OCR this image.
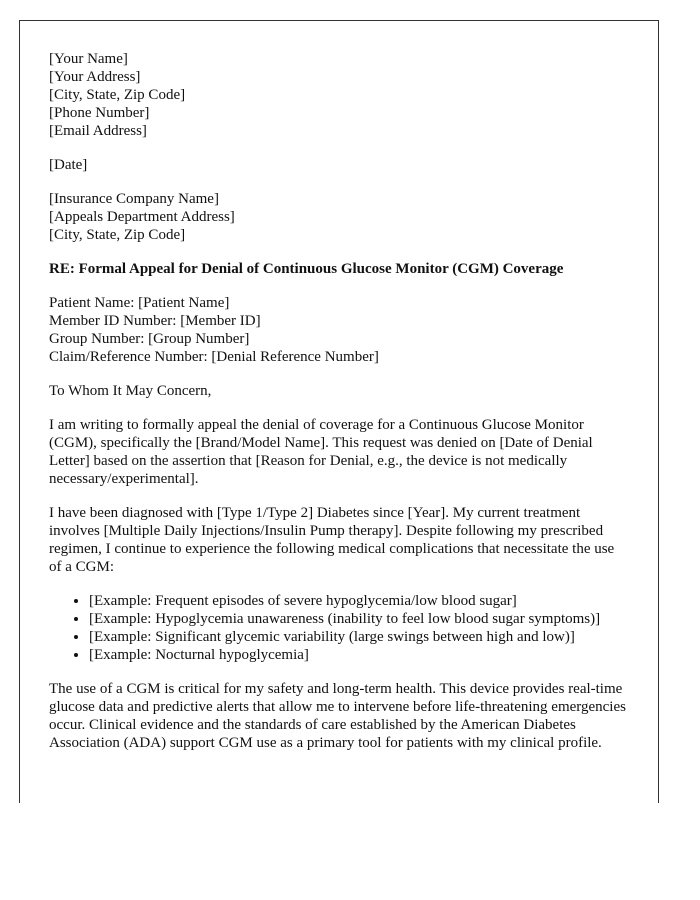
[Your Name]
[Your Address]
[City, State, Zip Code]
[Phone Number]
[Email Address]

[Date]

[Insurance Company Name]
[Appeals Department Address]
[City, State, Zip Code]

RE: Formal Appeal for Denial of Continuous Glucose Monitor (CGM) Coverage

Patient Name: [Patient Name]
Member ID Number: [Member ID]
Group Number: [Group Number]
Claim/Reference Number: [Denial Reference Number]

To Whom It May Concern,

I am writing to formally appeal the denial of coverage for a Continuous Glucose Monitor (CGM), specifically the [Brand/Model Name]. This request was denied on [Date of Denial Letter] based on the assertion that [Reason for Denial, e.g., the device is not medically necessary/experimental].

I have been diagnosed with [Type 1/Type 2] Diabetes since [Year]. My current treatment involves [Multiple Daily Injections/Insulin Pump therapy]. Despite following my prescribed regimen, I continue to experience the following medical complications that necessitate the use of a CGM:

• [Example: Frequent episodes of severe hypoglycemia/low blood sugar]
• [Example: Hypoglycemia unawareness (inability to feel low blood sugar symptoms)]
• [Example: Significant glycemic variability (large swings between high and low)]
• [Example: Nocturnal hypoglycemia]

The use of a CGM is critical for my safety and long-term health. This device provides real-time glucose data and predictive alerts that allow me to intervene before life-threatening emergencies occur. Clinical evidence and the standards of care established by the American Diabetes Association (ADA) support CGM use as a primary tool for patients with my clinical profile.
